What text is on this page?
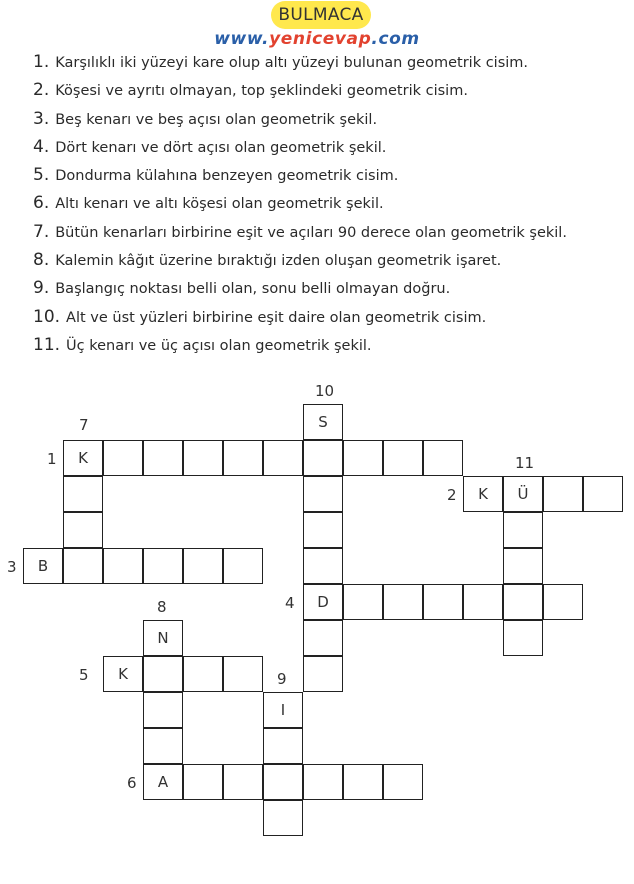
BULMACA
www.yenicevap.com
1. Karşılıklı iki yüzeyi kare olup altı yüzeyi bulunan geometrik cisim.
2. Köşesi ve ayrıtı olmayan, top şeklindeki geometrik cisim.
3. Beş kenarı ve beş açısı olan geometrik şekil.
4. Dört kenarı ve dört açısı olan geometrik şekil.
5. Dondurma külahına benzeyen geometrik cisim.
6. Altı kenarı ve altı köşesi olan geometrik şekil.
7. Bütün kenarları birbirine eşit ve açıları 90 derece olan geometrik şekil.
8. Kalemin kâğıt üzerine bıraktığı izden oluşan geometrik işaret.
9. Başlangıç noktası belli olan, sonu belli olmayan doğru.
10. Alt ve üst yüzleri birbirine eşit daire olan geometrik cisim.
11. Üç kenarı ve üç açısı olan geometrik şekil.
K
K	Ü
B
D
K
A
N
I
S
10
7
1	11
2
3
8	4
5	9
6
